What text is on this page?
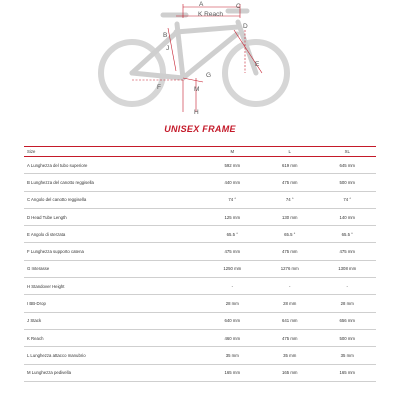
A
K Reach
C
D
B
J
E
G
F	M
H
UNISEX FRAME
Size	M	L	XL
A Lunghezza del tubo superiore	592 mm	619 mm	645 mm
B Lunghezza del canotto reggisella	440 mm	475 mm	500 mm
C Angolo del canotto reggisella	74 °	74 °	74 °
D Head Tube Length	125 mm	130 mm	140 mm
E Angolo di sterzata	65.5 °	65.5 °	65.5 °
F Lunghezza supporto catena	475 mm	475 mm	475 mm
G Interasse	1250 mm	1276 mm	1308 mm
H Standover Height	-	-	-
I BB-Drop	28 mm	28 mm	28 mm
J Stack	640 mm	641 mm	656 mm
K Reach	460 mm	475 mm	500 mm
L Lunghezza attacco manubrio	35 mm	35 mm	35 mm
M Lunghezza pedivella	165 mm	165 mm	165 mm
